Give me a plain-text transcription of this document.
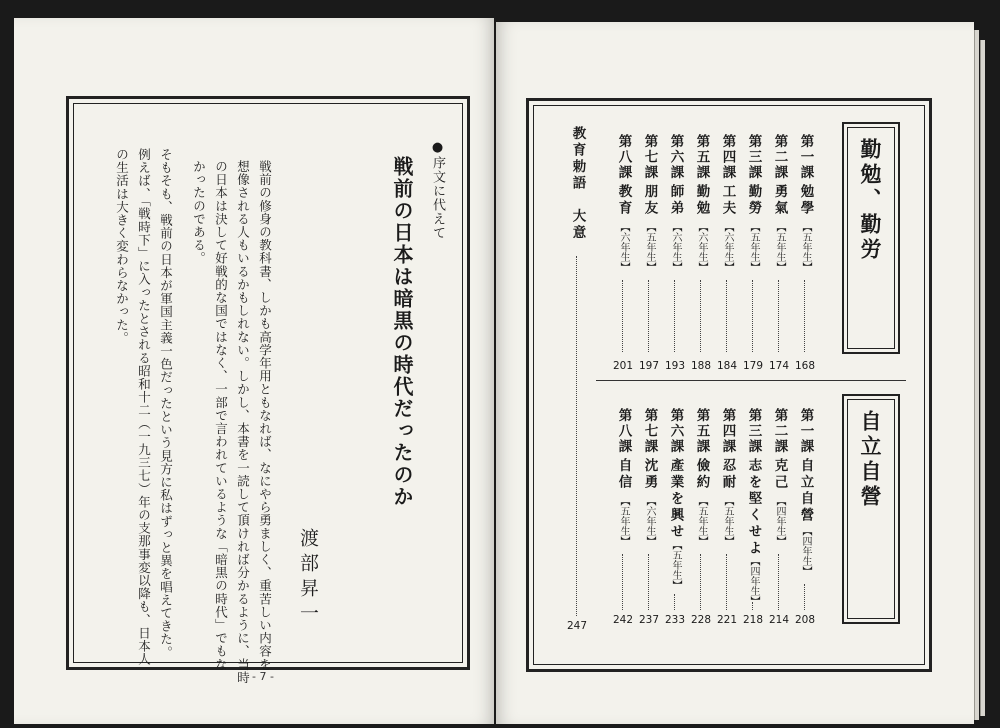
●序文に代えて
戦前の日本は暗黒の時代だったのか
渡部昇一
戦前の修身の教科書、しかも高学年用ともなれば、なにやら勇ましく、重苦しい内容を
想像される人もいるかもしれない。しかし、本書を一読して頂ければ分かるように、当時
の日本は決して好戦的な国ではなく、一部で言われているような「暗黒の時代」でもな
かったのである。
そもそも、戦前の日本が軍国主義一色だったという見方に私はずっと異を唱えてきた。
例えば、「戦時下」に入ったとされる昭和十二（一九三七）年の支那事変以降も、日本人
の生活は大きく変わらなかった。
- 7 -
勤勉、勤労
第一課
勉學
【 五年生 】
168
第二課
勇氣
【 五年生 】
174
第三課
勤勞
【 五年生 】
179
第四課
工夫
【 六年生 】
184
第五課
勤勉
【 六年生 】
188
第六課
師弟
【 六年生 】
193
第七課
朋友
【 五年生 】
197
第八課
教育
【 六年生 】
201
教育勅語　大意
247
自立自營
第一課
自立自營
【 四年生 】
208
第二課
克己
【 四年生 】
214
第三課
志を堅くせよ
【 四年生 】
218
第四課
忍耐
【 五年生 】
221
第五課
儉約
【 五年生 】
228
第六課
產業を興せ
【 五年生 】
233
第七課
沈勇
【 六年生 】
237
第八課
自信
【 五年生 】
242
